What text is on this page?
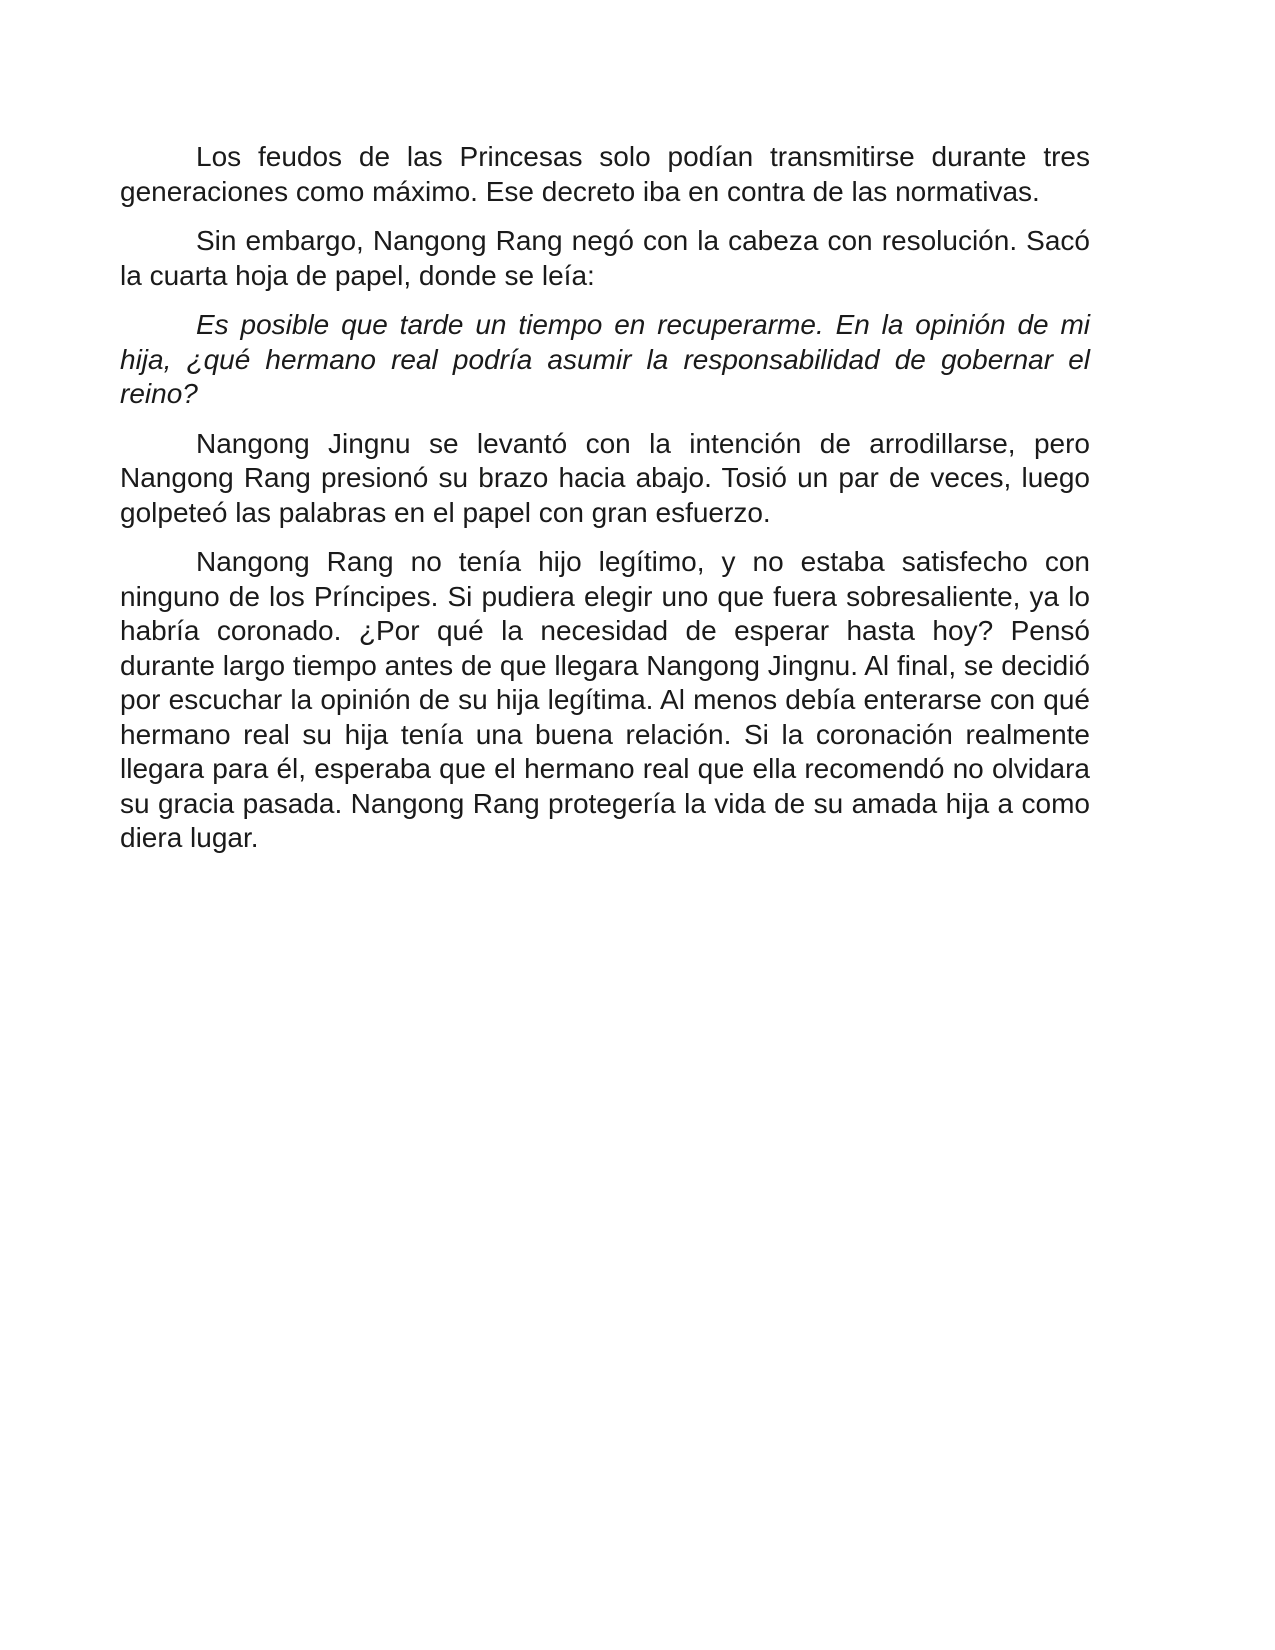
Los feudos de las Princesas solo podían transmitirse durante tres generaciones como máximo. Ese decreto iba en contra de las normativas.

Sin embargo, Nangong Rang negó con la cabeza con resolución. Sacó la cuarta hoja de papel, donde se leía:

Es posible que tarde un tiempo en recuperarme. En la opinión de mi hija, ¿qué hermano real podría asumir la responsabilidad de gobernar el reino?

Nangong Jingnu se levantó con la intención de arrodillarse, pero Nangong Rang presionó su brazo hacia abajo. Tosió un par de veces, luego golpeteó las palabras en el papel con gran esfuerzo.

Nangong Rang no tenía hijo legítimo, y no estaba satisfecho con ninguno de los Príncipes. Si pudiera elegir uno que fuera sobresaliente, ya lo habría coronado. ¿Por qué la necesidad de esperar hasta hoy? Pensó durante largo tiempo antes de que llegara Nangong Jingnu. Al final, se decidió por escuchar la opinión de su hija legítima. Al menos debía enterarse con qué hermano real su hija tenía una buena relación. Si la coronación realmente llegara para él, esperaba que el hermano real que ella recomendó no olvidara su gracia pasada. Nangong Rang protegería la vida de su amada hija a como diera lugar.
